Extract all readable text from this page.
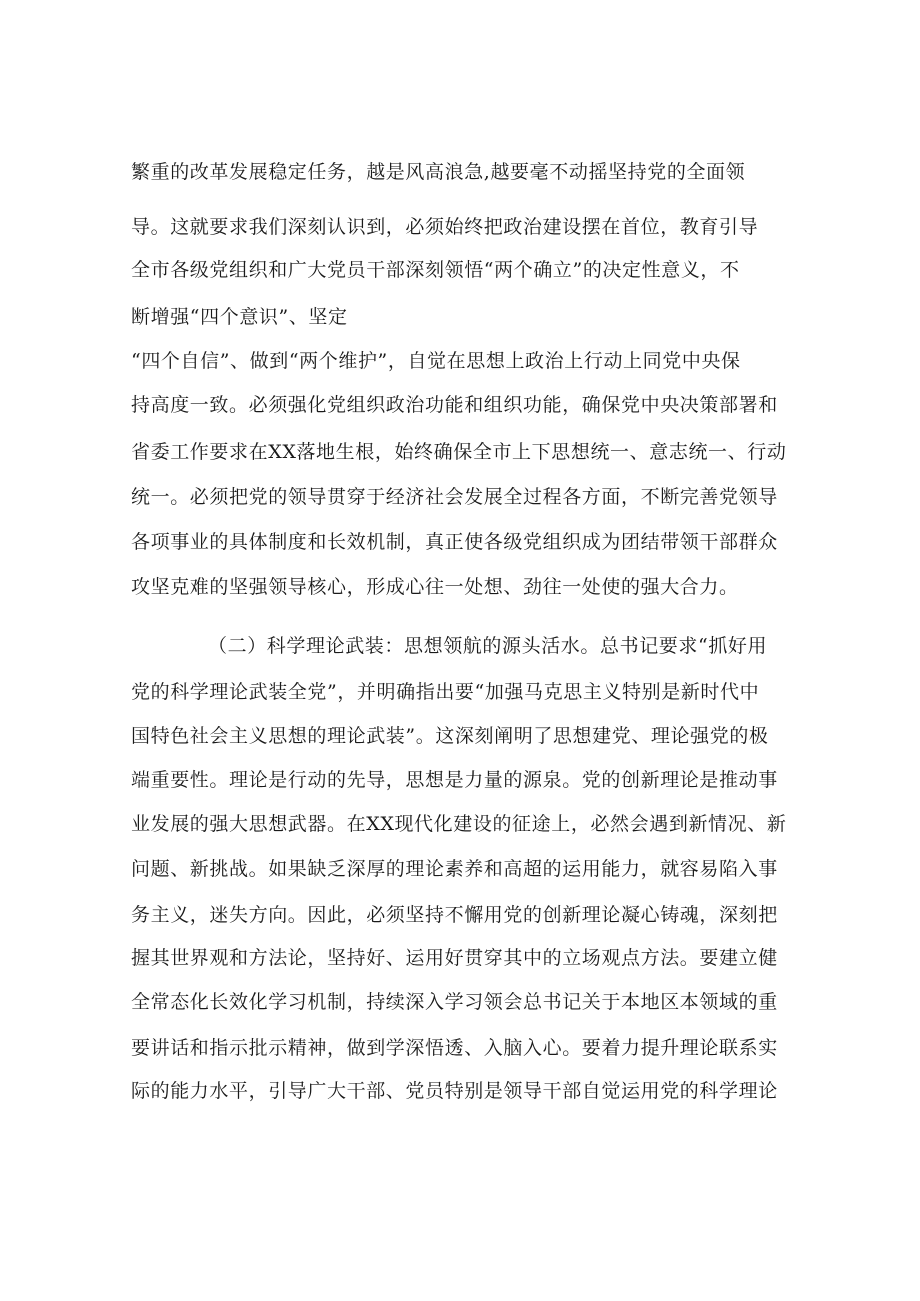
繁重的改革发展稳定任务，越是风高浪急,越要毫不动摇坚持党的全面领
导。这就要求我们深刻认识到，必须始终把政治建设摆在首位，教育引导
全市各级党组织和广大党员干部深刻领悟“两个确立”的决定性意义，不
断增强“四个意识”、坚定
“四个自信”、做到“两个维护”，自觉在思想上政治上行动上同党中央保
持高度一致。必须强化党组织政治功能和组织功能，确保党中央决策部署和
省委工作要求在XX落地生根，始终确保全市上下思想统一、意志统一、行动
统一。必须把党的领导贯穿于经济社会发展全过程各方面，不断完善党领导
各项事业的具体制度和长效机制，真正使各级党组织成为团结带领干部群众
攻坚克难的坚强领导核心，形成心往一处想、劲往一处使的强大合力。
（二）科学理论武装：思想领航的源头活水。总书记要求“抓好用
党的科学理论武装全党”，并明确指出要“加强马克思主义特别是新时代中
国特色社会主义思想的理论武装”。这深刻阐明了思想建党、理论强党的极
端重要性。理论是行动的先导，思想是力量的源泉。党的创新理论是推动事
业发展的强大思想武器。在XX现代化建设的征途上，必然会遇到新情况、新
问题、新挑战。如果缺乏深厚的理论素养和高超的运用能力，就容易陷入事
务主义，迷失方向。因此，必须坚持不懈用党的创新理论凝心铸魂，深刻把
握其世界观和方法论，坚持好、运用好贯穿其中的立场观点方法。要建立健
全常态化长效化学习机制，持续深入学习领会总书记关于本地区本领域的重
要讲话和指示批示精神，做到学深悟透、入脑入心。要着力提升理论联系实
际的能力水平，引导广大干部、党员特别是领导干部自觉运用党的科学理论
